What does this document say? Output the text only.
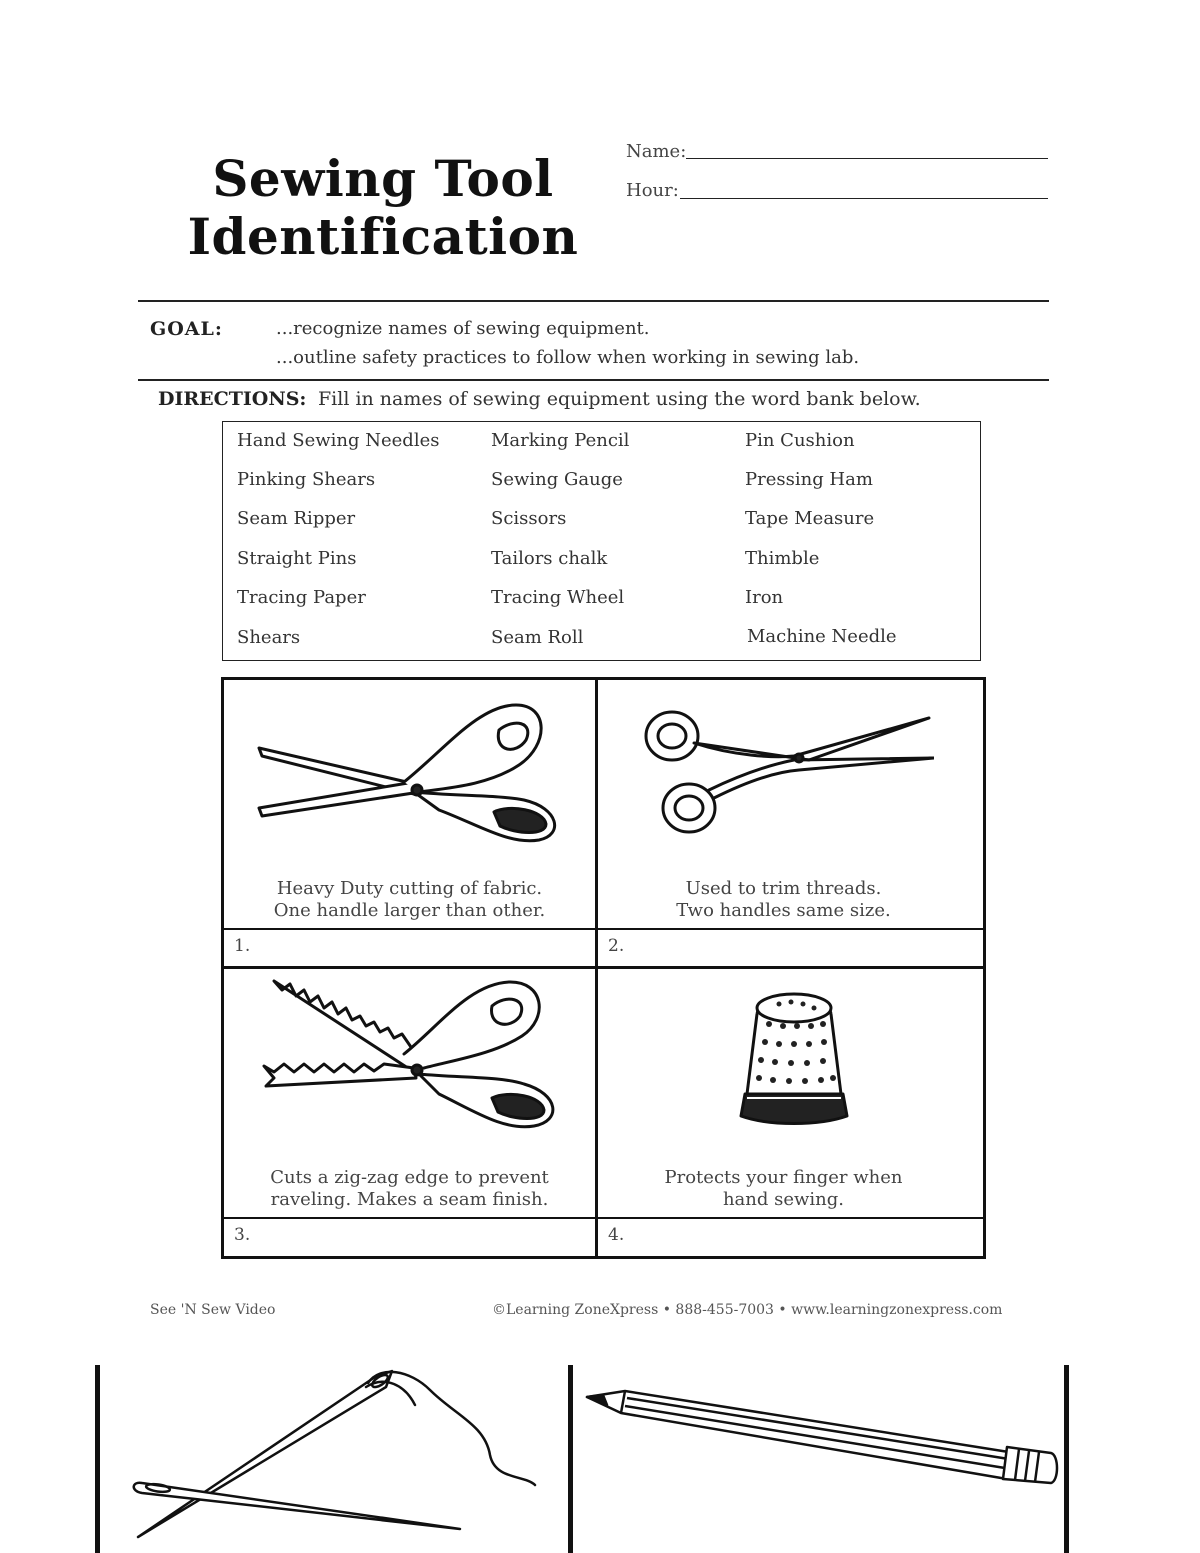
Sewing Tool
Identification
Name:
Hour:
GOAL:	...recognize names of sewing equipment.
...outline safety practices to follow when working in sewing lab.
DIRECTIONS: Fill in names of sewing equipment using the word bank below.
Hand Sewing Needles	Marking Pencil	Pin Cushion
Pinking Shears	Sewing Gauge	Pressing Ham
Seam Ripper	Scissors	Tape Measure
Straight Pins	Tailors chalk	Thimble
Tracing Paper	Tracing Wheel	Iron
Shears	Seam Roll	Machine Needle
Heavy Duty cutting of fabric.
One handle larger than other.
1.
Used to trim threads.
Two handles same size.
2.
Cuts a zig-zag edge to prevent
raveling. Makes a seam finish.
3.
Protects your finger when
hand sewing.
4.
See 'N Sew Video	©Learning ZoneXpress • 888-455-7003 • www.learningzonexpress.com
